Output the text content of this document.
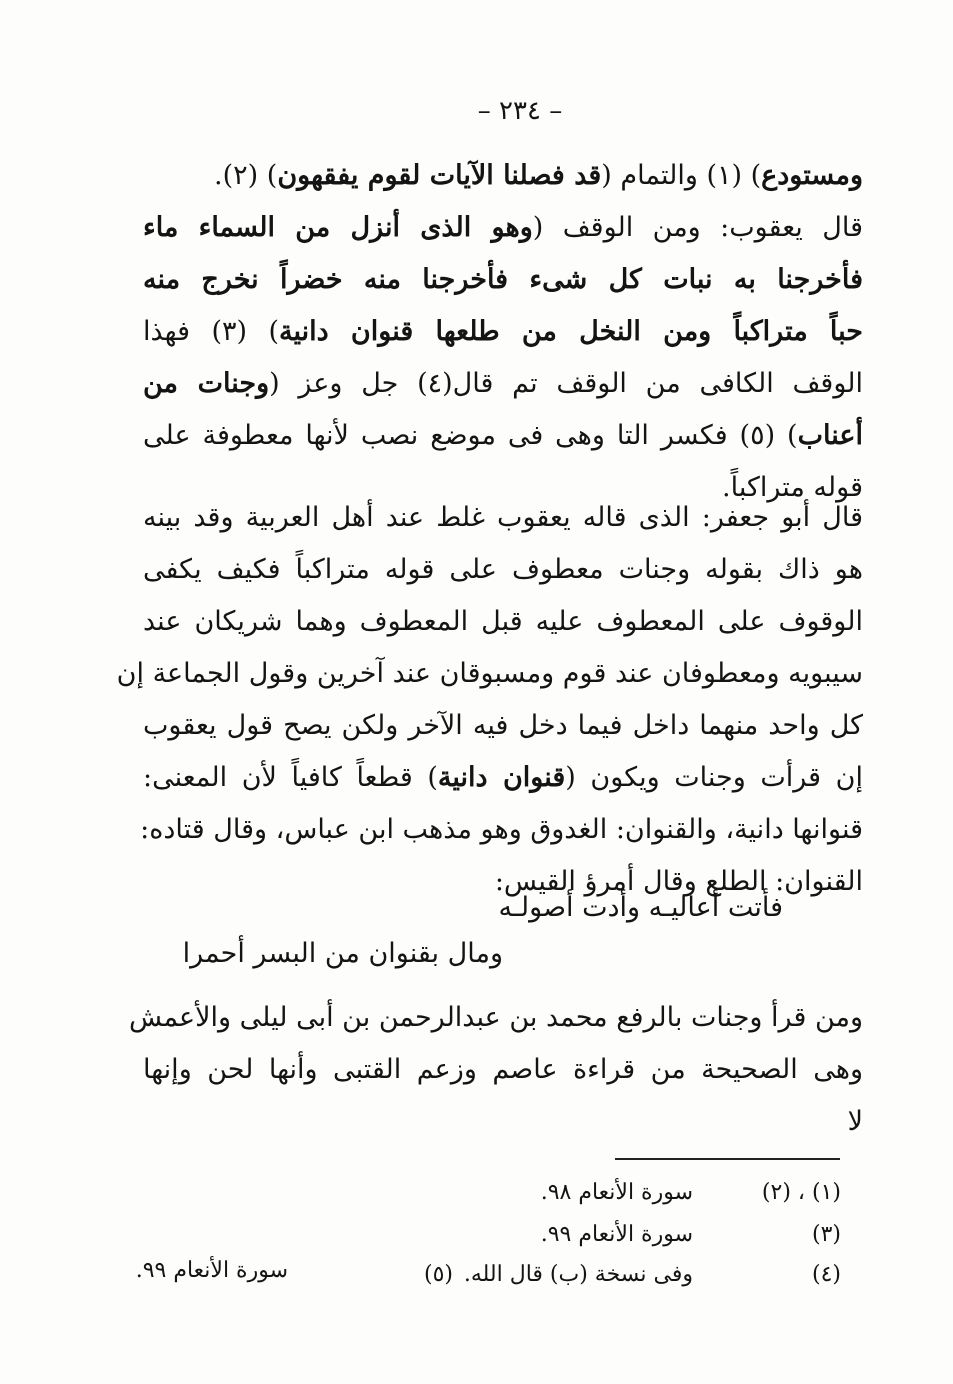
– ٢٣٤ –
ومستودع) (١) والتمام (قد فصلنا الآيات لقوم يفقهون) (٢).
قال يعقوب: ومن الوقف (وهو الذى أنزل من السماء ماء
فأخرجنا به نبات كل شىء فأخرجنا منه خضراً نخرج منه
حباً متراكباً ومن النخل من طلعها قنوان دانية) (٣) فهذا
الوقف الكافى من الوقف تم قال(٤) جل وعز (وجنات من
أعناب) (٥) فكسر التا وهى فى موضع نصب لأنها معطوفة على
قوله متراكباً.
قال أبو جعفر: الذى قاله يعقوب غلط عند أهل العربية وقد بينه
هو ذاك بقوله وجنات معطوف على قوله متراكباً فكيف يكفى
الوقوف على المعطوف عليه قبل المعطوف وهما شريكان عند
سيبويه ومعطوفان عند قوم ومسبوقان عند آخرين وقول الجماعة إن
كل واحد منهما داخل فيما دخل فيه الآخر ولكن يصح قول يعقوب
إن قرأت وجنات ويكون (قنوان دانية) قطعاً كافياً لأن المعنى:
قنوانها دانية، والقنوان: الغدوق وهو مذهب ابن عباس، وقال قتاده:
القنوان: الطلع وقال أمرؤ القيس:
فأتت أعاليـه وأدت أصولـه
ومال بقنوان من البسر أحمرا
ومن قرأ وجنات بالرفع محمد بن عبدالرحمن بن أبى ليلى والأعمش
وهى الصحيحة من قراءة عاصم وزعم القتبى وأنها لحن وإنها
لا
(١) ، (٢)
سورة الأنعام ٩٨.
(٣)
سورة الأنعام ٩٩.
(٤)
وفى نسخة (ب) قال الله.
(٥)
سورة الأنعام ٩٩.
